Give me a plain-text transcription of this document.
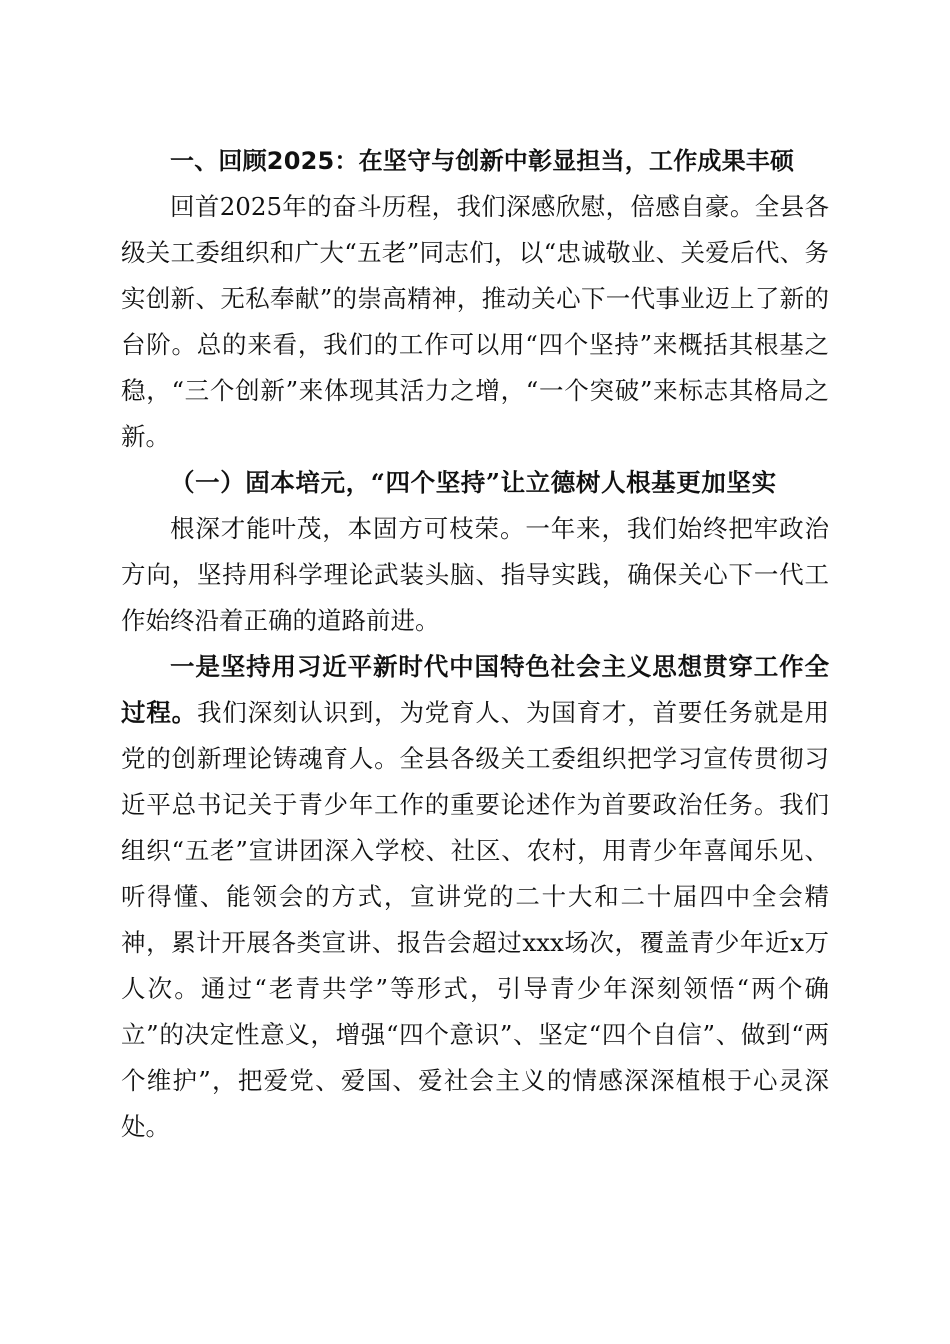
一、回顾2025：在坚守与创新中彰显担当，工作成果丰硕

回首2025年的奋斗历程，我们深感欣慰，倍感自豪。全县各级关工委组织和广大“五老”同志们，以“忠诚敬业、关爱后代、务实创新、无私奉献”的崇高精神，推动关心下一代事业迈上了新的台阶。总的来看，我们的工作可以用“四个坚持”来概括其根基之稳，“三个创新”来体现其活力之增，“一个突破”来标志其格局之新。

（一）固本培元，“四个坚持”让立德树人根基更加坚实

根深才能叶茂，本固方可枝荣。一年来，我们始终把牢政治方向，坚持用科学理论武装头脑、指导实践，确保关心下一代工作始终沿着正确的道路前进。

一是坚持用习近平新时代中国特色社会主义思想贯穿工作全过程。我们深刻认识到，为党育人、为国育才，首要任务就是用党的创新理论铸魂育人。全县各级关工委组织把学习宣传贯彻习近平总书记关于青少年工作的重要论述作为首要政治任务。我们组织“五老”宣讲团深入学校、社区、农村，用青少年喜闻乐见、听得懂、能领会的方式，宣讲党的二十大和二十届四中全会精神，累计开展各类宣讲、报告会超过xxx场次，覆盖青少年近x万人次。通过“老青共学”等形式，引导青少年深刻领悟“两个确立”的决定性意义，增强“四个意识”、坚定“四个自信”、做到“两个维护”，把爱党、爱国、爱社会主义的情感深深植根于心灵深处。
